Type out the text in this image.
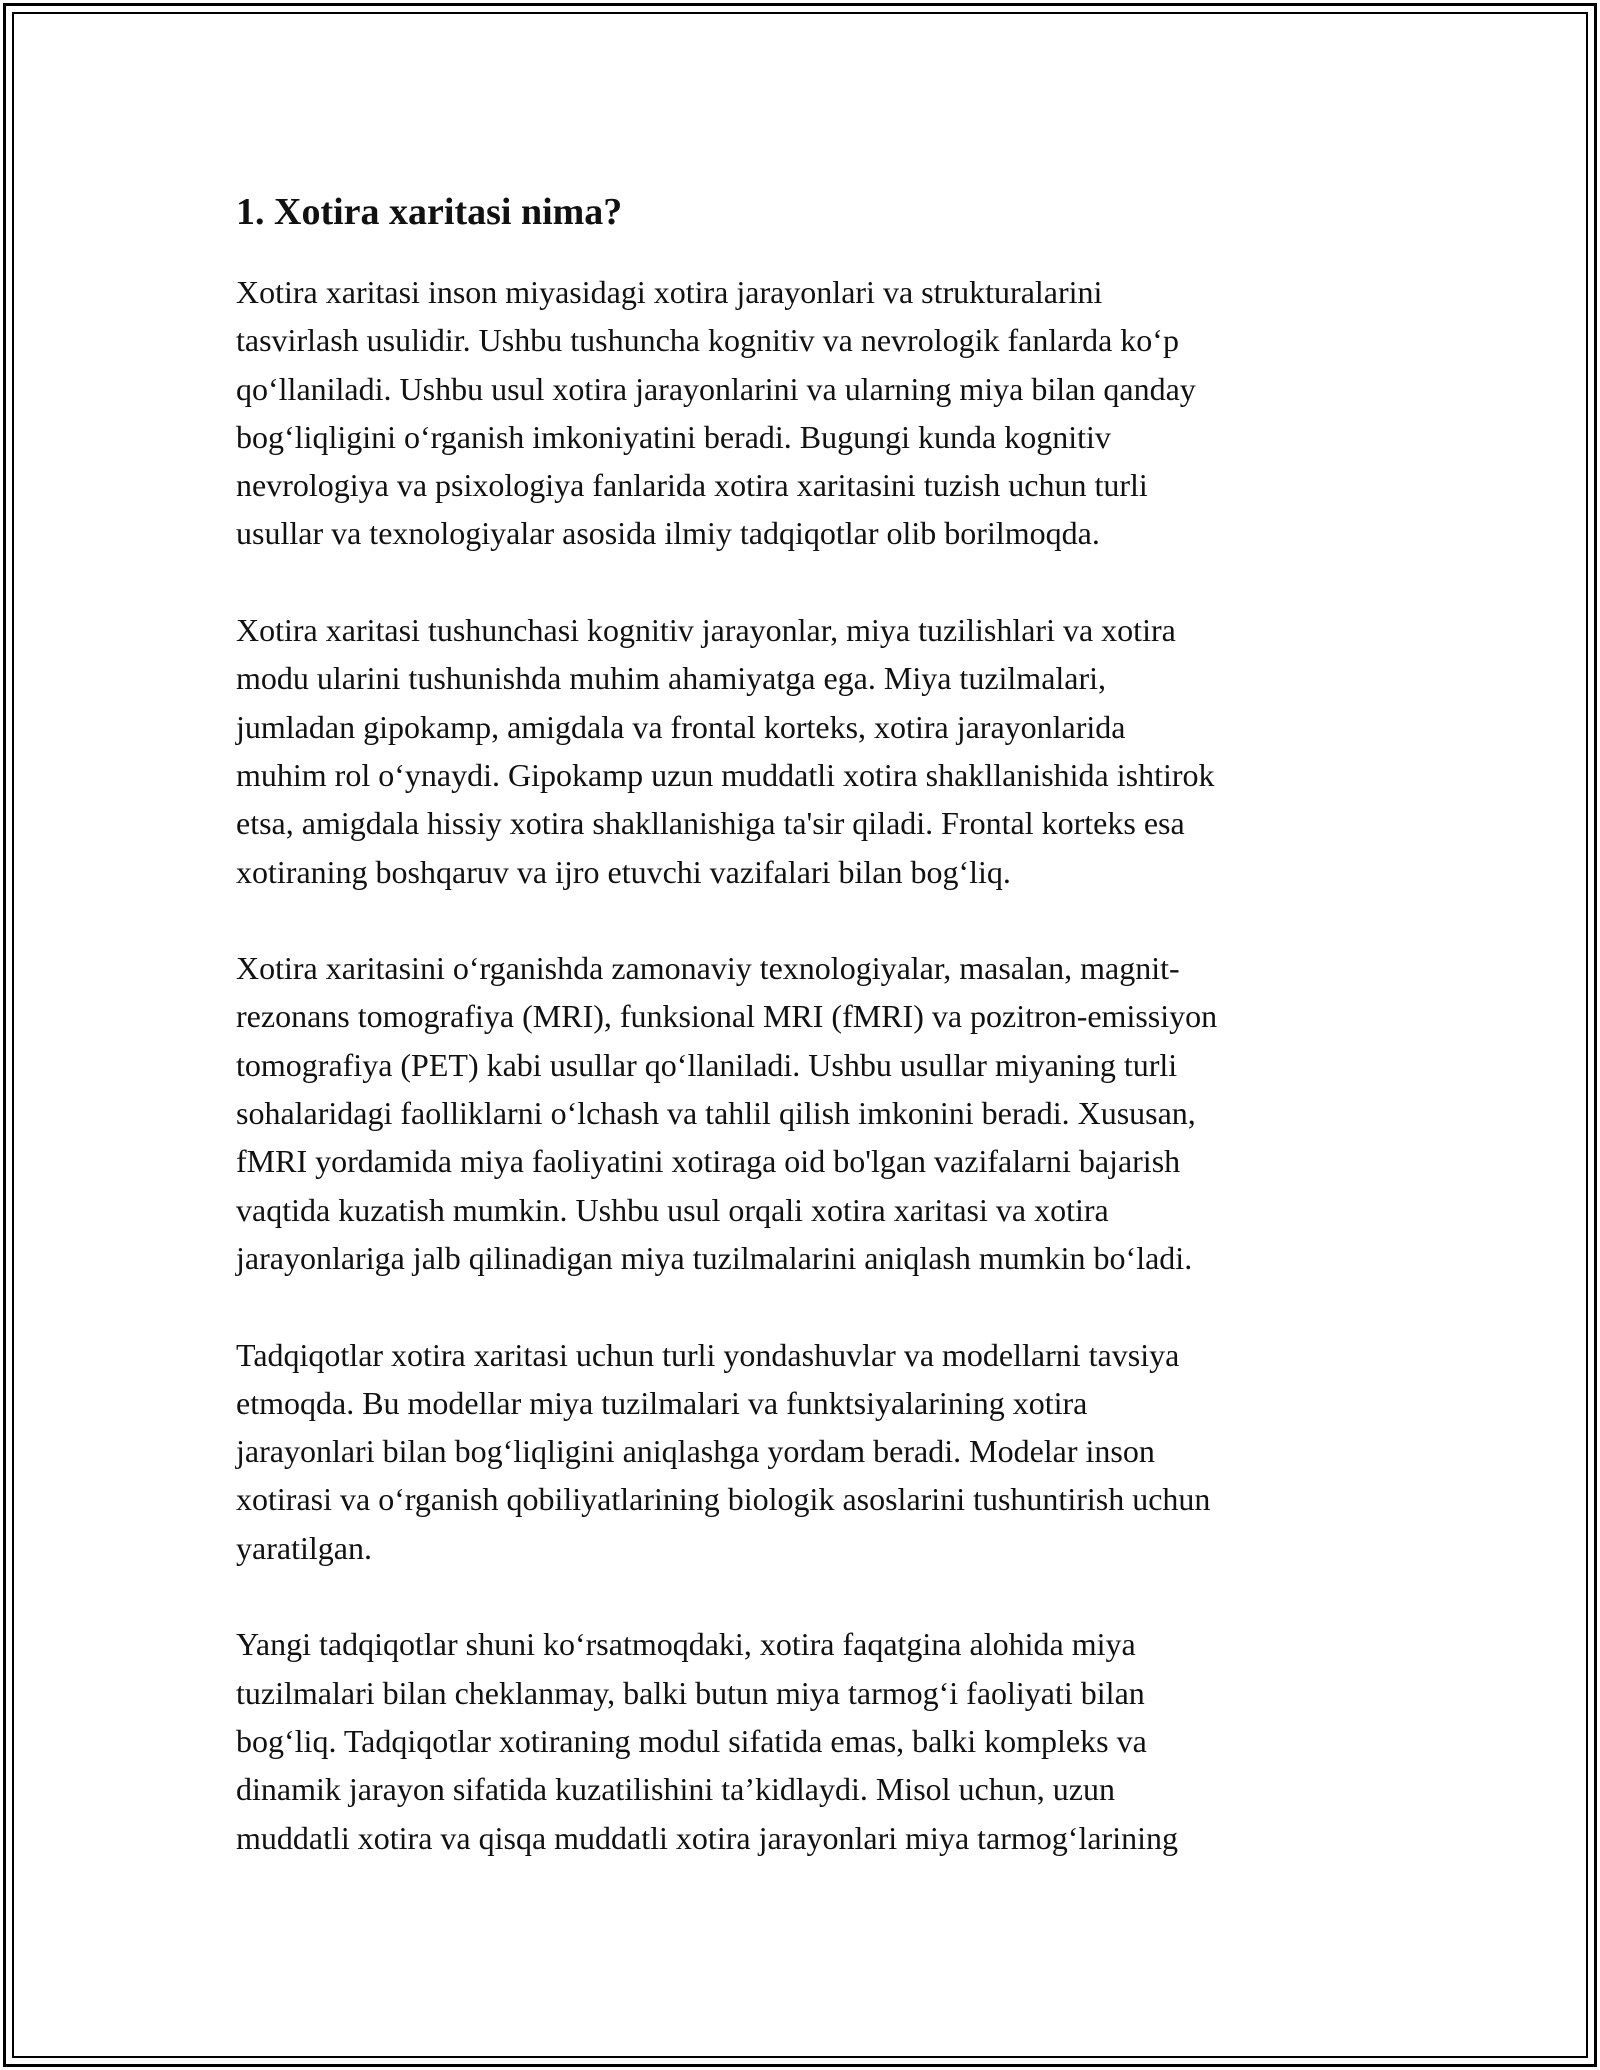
1. Xotira xaritasi nima?

Xotira xaritasi inson miyasidagi xotira jarayonlari va strukturalarini
tasvirlash usulidir. Ushbu tushuncha kognitiv va nevrologik fanlarda ko‘p
qo‘llaniladi. Ushbu usul xotira jarayonlarini va ularning miya bilan qanday
bog‘liqligini o‘rganish imkoniyatini beradi. Bugungi kunda kognitiv
nevrologiya va psixologiya fanlarida xotira xaritasini tuzish uchun turli
usullar va texnologiyalar asosida ilmiy tadqiqotlar olib borilmoqda.

Xotira xaritasi tushunchasi kognitiv jarayonlar, miya tuzilishlari va xotira
modu ularini tushunishda muhim ahamiyatga ega. Miya tuzilmalari,
jumladan gipokamp, amigdala va frontal korteks, xotira jarayonlarida
muhim rol o‘ynaydi. Gipokamp uzun muddatli xotira shakllanishida ishtirok
etsa, amigdala hissiy xotira shakllanishiga ta'sir qiladi. Frontal korteks esa
xotiraning boshqaruv va ijro etuvchi vazifalari bilan bog‘liq.

Xotira xaritasini o‘rganishda zamonaviy texnologiyalar, masalan, magnit-
rezonans tomografiya (MRI), funksional MRI (fMRI) va pozitron-emissiyon
tomografiya (PET) kabi usullar qo‘llaniladi. Ushbu usullar miyaning turli
sohalaridagi faolliklarni o‘lchash va tahlil qilish imkonini beradi. Xususan,
fMRI yordamida miya faoliyatini xotiraga oid bo'lgan vazifalarni bajarish
vaqtida kuzatish mumkin. Ushbu usul orqali xotira xaritasi va xotira
jarayonlariga jalb qilinadigan miya tuzilmalarini aniqlash mumkin bo‘ladi.

Tadqiqotlar xotira xaritasi uchun turli yondashuvlar va modellarni tavsiya
etmoqda. Bu modellar miya tuzilmalari va funktsiyalarining xotira
jarayonlari bilan bog‘liqligini aniqlashga yordam beradi. Modelar inson
xotirasi va o‘rganish qobiliyatlarining biologik asoslarini tushuntirish uchun
yaratilgan.

Yangi tadqiqotlar shuni ko‘rsatmoqdaki, xotira faqatgina alohida miya
tuzilmalari bilan cheklanmay, balki butun miya tarmog‘i faoliyati bilan
bog‘liq. Tadqiqotlar xotiraning modul sifatida emas, balki kompleks va
dinamik jarayon sifatida kuzatilishini ta’kidlaydi. Misol uchun, uzun
muddatli xotira va qisqa muddatli xotira jarayonlari miya tarmog‘larining
